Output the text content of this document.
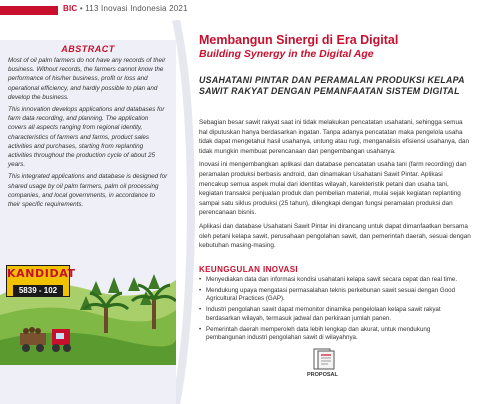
BIC • 113 Inovasi Indonesia 2021
ABSTRACT

Most of oil palm farmers do not have any records of their business. Without records, the farmers cannot know the performance of his/her business, profit or loss and operational efficiency, and hardly possible to plan and develop the business.

This innovation develops applications and databases for farm data recording, and planning. The application covers all aspects ranging from regional identity, characteristics of farmers and farms, product sales activities and purchases, starting from replanting activities throughout the production cycle of about 25 years.

This integrated applications and database is designed for shared usage by oil palm farmers, palm oil processing companies, and local governments, in accordance to their specific requirements.

KANDIDAT
5839 - 102
Membangun Sinergi di Era Digital
Building Synergy in the Digital Age
USAHATANI PINTAR DAN PERAMALAN PRODUKSI KELAPA SAWIT RAKYAT DENGAN PEMANFAATAN SISTEM DIGITAL

Sebagian besar sawit rakyat saat ini tidak melakukan pencatatan usahatani, sehingga semua hal diputuskan hanya berdasarkan ingatan. Tanpa adanya pencatatan maka pengelola usaha tidak dapat mengetahui hasil usahanya, untung atau rugi, menganalisis efisiensi usahanya, dan tidak mungkin membuat perencanaan dan pengembangan usahanya.

Inovasi ini mengembangkan aplikasi dan database pencatatan usaha tani (farm recording) dan peramalan produksi berbasis android, dan dinamakan Usahatani Sawit Pintar. Aplikasi mencakup semua aspek mulai dari identitas wilayah, karekteristik petani dan usaha tani, kegiatan transaksi penjualan produk dan pembelian material, mulai sejak kegiatan replanting sampai satu siklus produksi (25 tahun), dilengkapi dengan fungsi peramalan produksi dan perencanaan bisnis.

Aplikasi dan database Usahatani Sawit Pintar ini dirancang untuk dapat dimanfaatkan bersama oleh petani kelapa sawit, perusahaan pengolahan sawit, dan pemerintah daerah, sesuai dengan kebutuhan masing-masing.

KEUNGGULAN INOVASI
• Menyediakan data dan informasi kondisi usahatani kelapa sawit secara cepat dan real time.
• Mendukung upaya mengatasi permasalahan teknis perkebunan sawit sesuai dengan Good Agricultural Practices (GAP).
• Industri pengolahan sawit dapat memonitor dinamika pengelolaan kelapa sawit rakyat berdasarkan wilayah, termasuk jadwal dan perkiraan jumlah panen.
• Pemerintah daerah memperoleh data lebih lengkap dan akurat, untuk mendukung pembangunan industri pengolahan sawit di wilayahnya.
PROPOSAL
